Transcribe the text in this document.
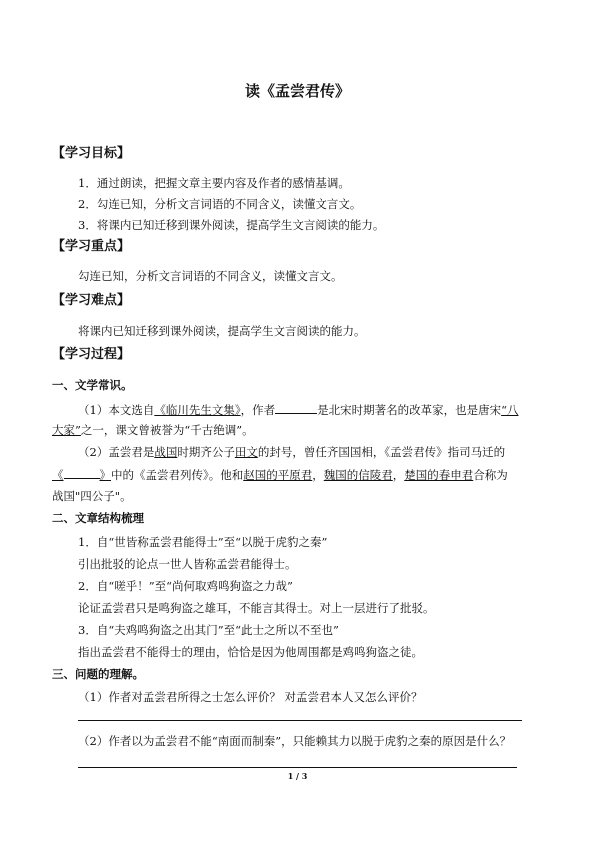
读《孟尝君传》
【学习目标】
1．通过朗读，把握文章主要内容及作者的感情基调。
2．勾连已知，分析文言词语的不同含义，读懂文言文。
3．将课内已知迁移到课外阅读，提高学生文言阅读的能力。
【学习重点】
勾连已知，分析文言词语的不同含义，读懂文言文。
【学习难点】
将课内已知迁移到课外阅读，提高学生文言阅读的能力。
【学习过程】
一、文学常识。
（1）本文选自《临川先生文集》，作者	是北宋时期著名的改革家，也是唐宋“八
大家”之一，课文曾被誉为“千古绝调”。
（2）孟尝君是战国时期齐公子田文的封号，曾任齐国国相，《孟尝君传》指司马迁的
《	》中的《孟尝君列传》。他和赵国的平原君，魏国的信陵君，楚国的春申君合称为
战国"四公子"。
二、文章结构梳理
1．自“世皆称孟尝君能得士”至“以脱于虎豹之秦”
引出批驳的论点一世人皆称孟尝君能得士。
2．自“嗟乎！”至“尚何取鸡鸣狗盗之力哉”
论证孟尝君只是鸣狗盗之雄耳，不能言其得士。对上一层进行了批驳。
3．自“夫鸡鸣狗盗之出其门”至“此士之所以不至也”
指出孟尝君不能得士的理由，恰恰是因为他周围都是鸡鸣狗盗之徒。
三、问题的理解。
（1）作者对孟尝君所得之士怎么评价？ 对孟尝君本人又怎么评价？
（2）作者以为孟尝君不能“南面而制秦”，只能赖其力以脱于虎豹之秦的原因是什么？
1 / 3
